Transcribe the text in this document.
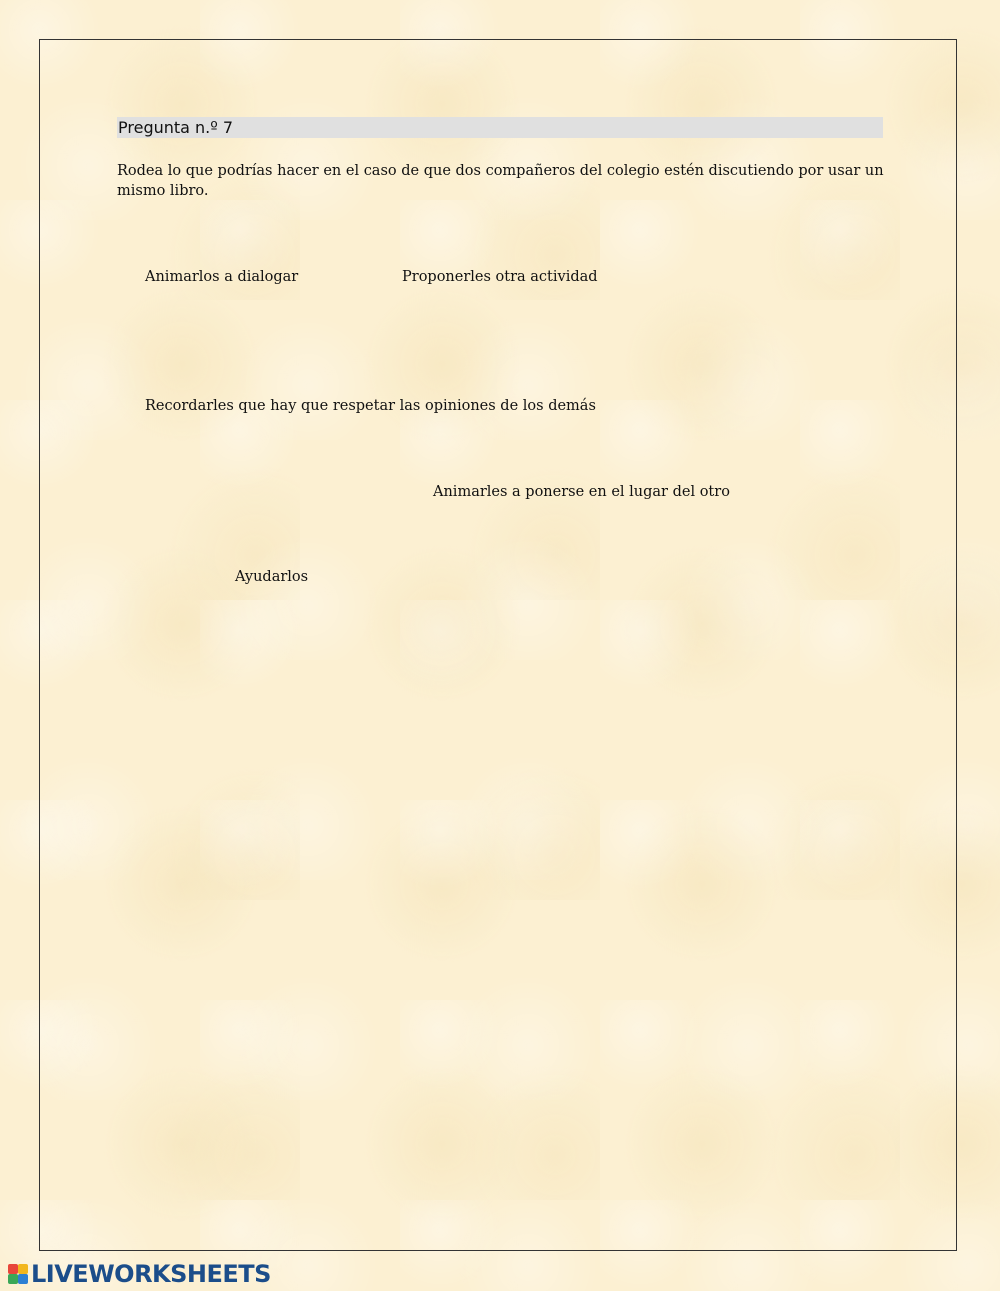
Pregunta n.º 7
Rodea lo que podrías hacer en el caso de que dos compañeros del colegio estén discutiendo por usar un mismo libro.
Animarlos a dialogar	Proponerles otra actividad
Recordarles que hay que respetar las opiniones de los demás
Animarles a ponerse en el lugar del otro
Ayudarlos
LIVEWORKSHEETS
